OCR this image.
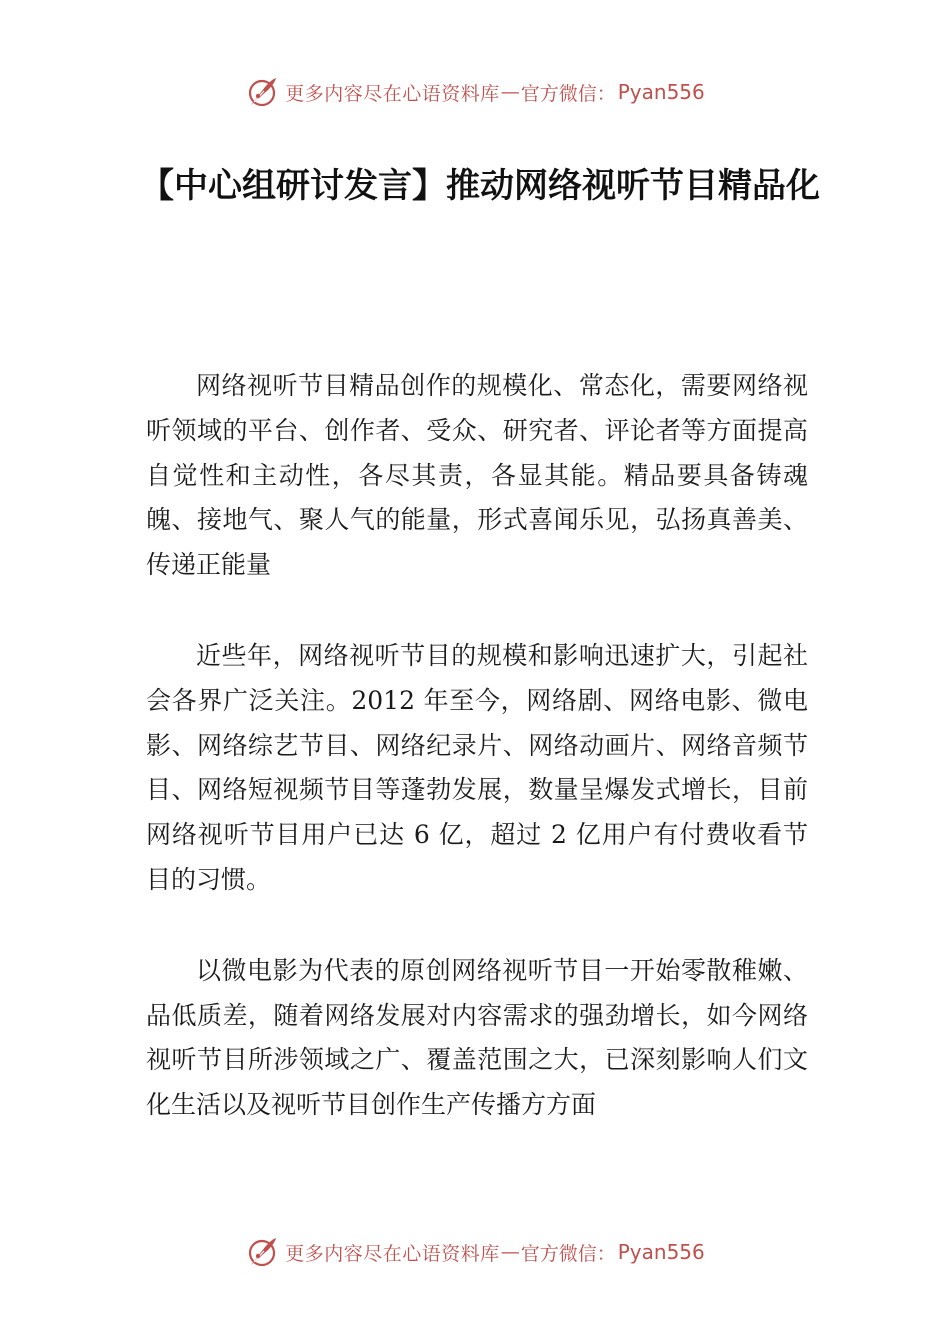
更多内容尽在心语资料库 — 官方微信： Pyan556
【中心组研讨发言】推动网络视听节目精品化

网络视听节目精品创作的规模化、常态化，需要网络视听领域的平台、创作者、受众、研究者、评论者等方面提高自觉性和主动性，各尽其责，各显其能。精品要具备铸魂魄、接地气、聚人气的能量，形式喜闻乐见，弘扬真善美、传递正能量

近些年，网络视听节目的规模和影响迅速扩大，引起社会各界广泛关注。2012 年至今，网络剧、网络电影、微电影、网络综艺节目、网络纪录片、网络动画片、网络音频节目、网络短视频节目等蓬勃发展，数量呈爆发式增长，目前网络视听节目用户已达 6 亿，超过 2 亿用户有付费收看节目的习惯。

以微电影为代表的原创网络视听节目一开始零散稚嫩、品低质差，随着网络发展对内容需求的强劲增长，如今网络视听节目所涉领域之广、覆盖范围之大，已深刻影响人们文化生活以及视听节目创作生产传播方方面

更多内容尽在心语资料库 — 官方微信： Pyan556
